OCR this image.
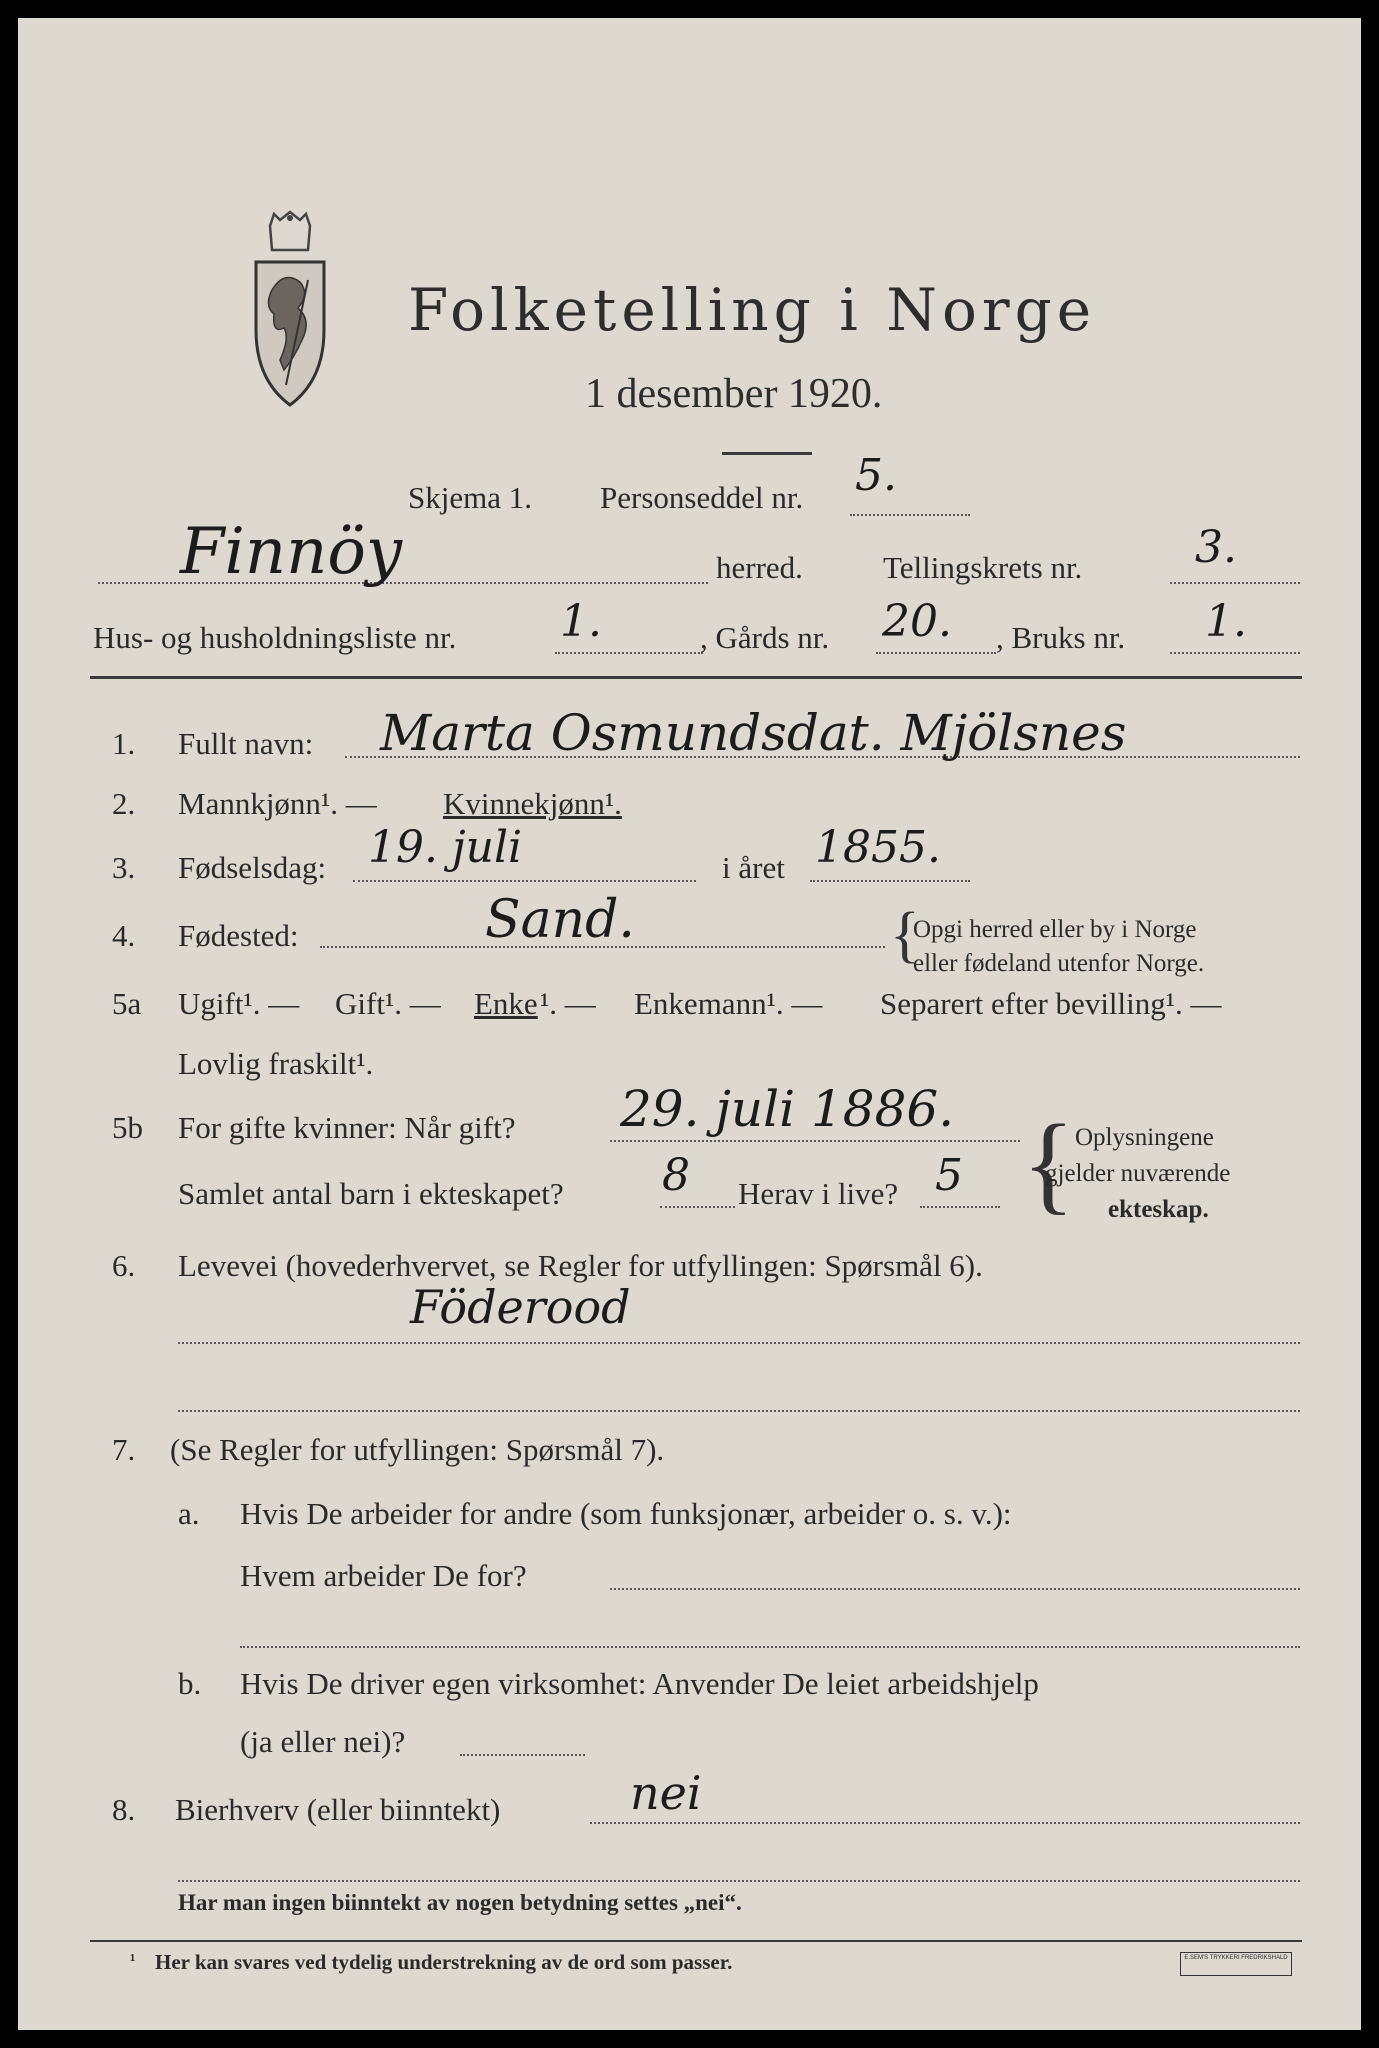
Folketelling i Norge
1 desember 1920.
Skjema 1. Personseddel nr. 5.
Finnöy	herred.	Tellingskrets nr.	3.
Hus- og husholdningsliste nr. 1.	, Gårds nr. 20. , Bruks nr. 1.
1. Fullt navn: Marta Osmundsdat. Mjölsnes
2. Mannkjønn¹. — Kvinnekjønn¹.
3. Fødselsdag: 19. juli	i året 1855.
4. Fødested:	Sand.	{
Opgi herred eller by i Norge
eller fødeland utenfor Norge.
5a Ugift¹. — Gift¹. — Enke ¹. — Enkemann¹. — Separert efter bevilling¹. —
Lovlig fraskilt¹.
5b For gifte kvinner: Når gift? 29. juli 1886.
Samlet antal barn i ekteskapet? 8 Herav i live? 5 { Oplysningene
gjelder nuværende
ekteskap.
6. Levevei (hovederhvervet, se Regler for utfyllingen: Spørsmål 6).
Föderood
7. (Se Regler for utfyllingen: Spørsmål 7).
a. Hvis De arbeider for andre (som funksjonær, arbeider o. s. v.):
Hvem arbeider De for?
b. Hvis De driver egen virksomhet: Anvender De leiet arbeidshjelp
(ja eller nei)?
8. Bierhverv (eller biinntekt)	nei
Har man ingen biinntekt av nogen betydning settes „nei“.
¹ Her kan svares ved tydelig understrekning av de ord som passer.	E.SEM'S TRYKKERI FREDRIKSHALD
